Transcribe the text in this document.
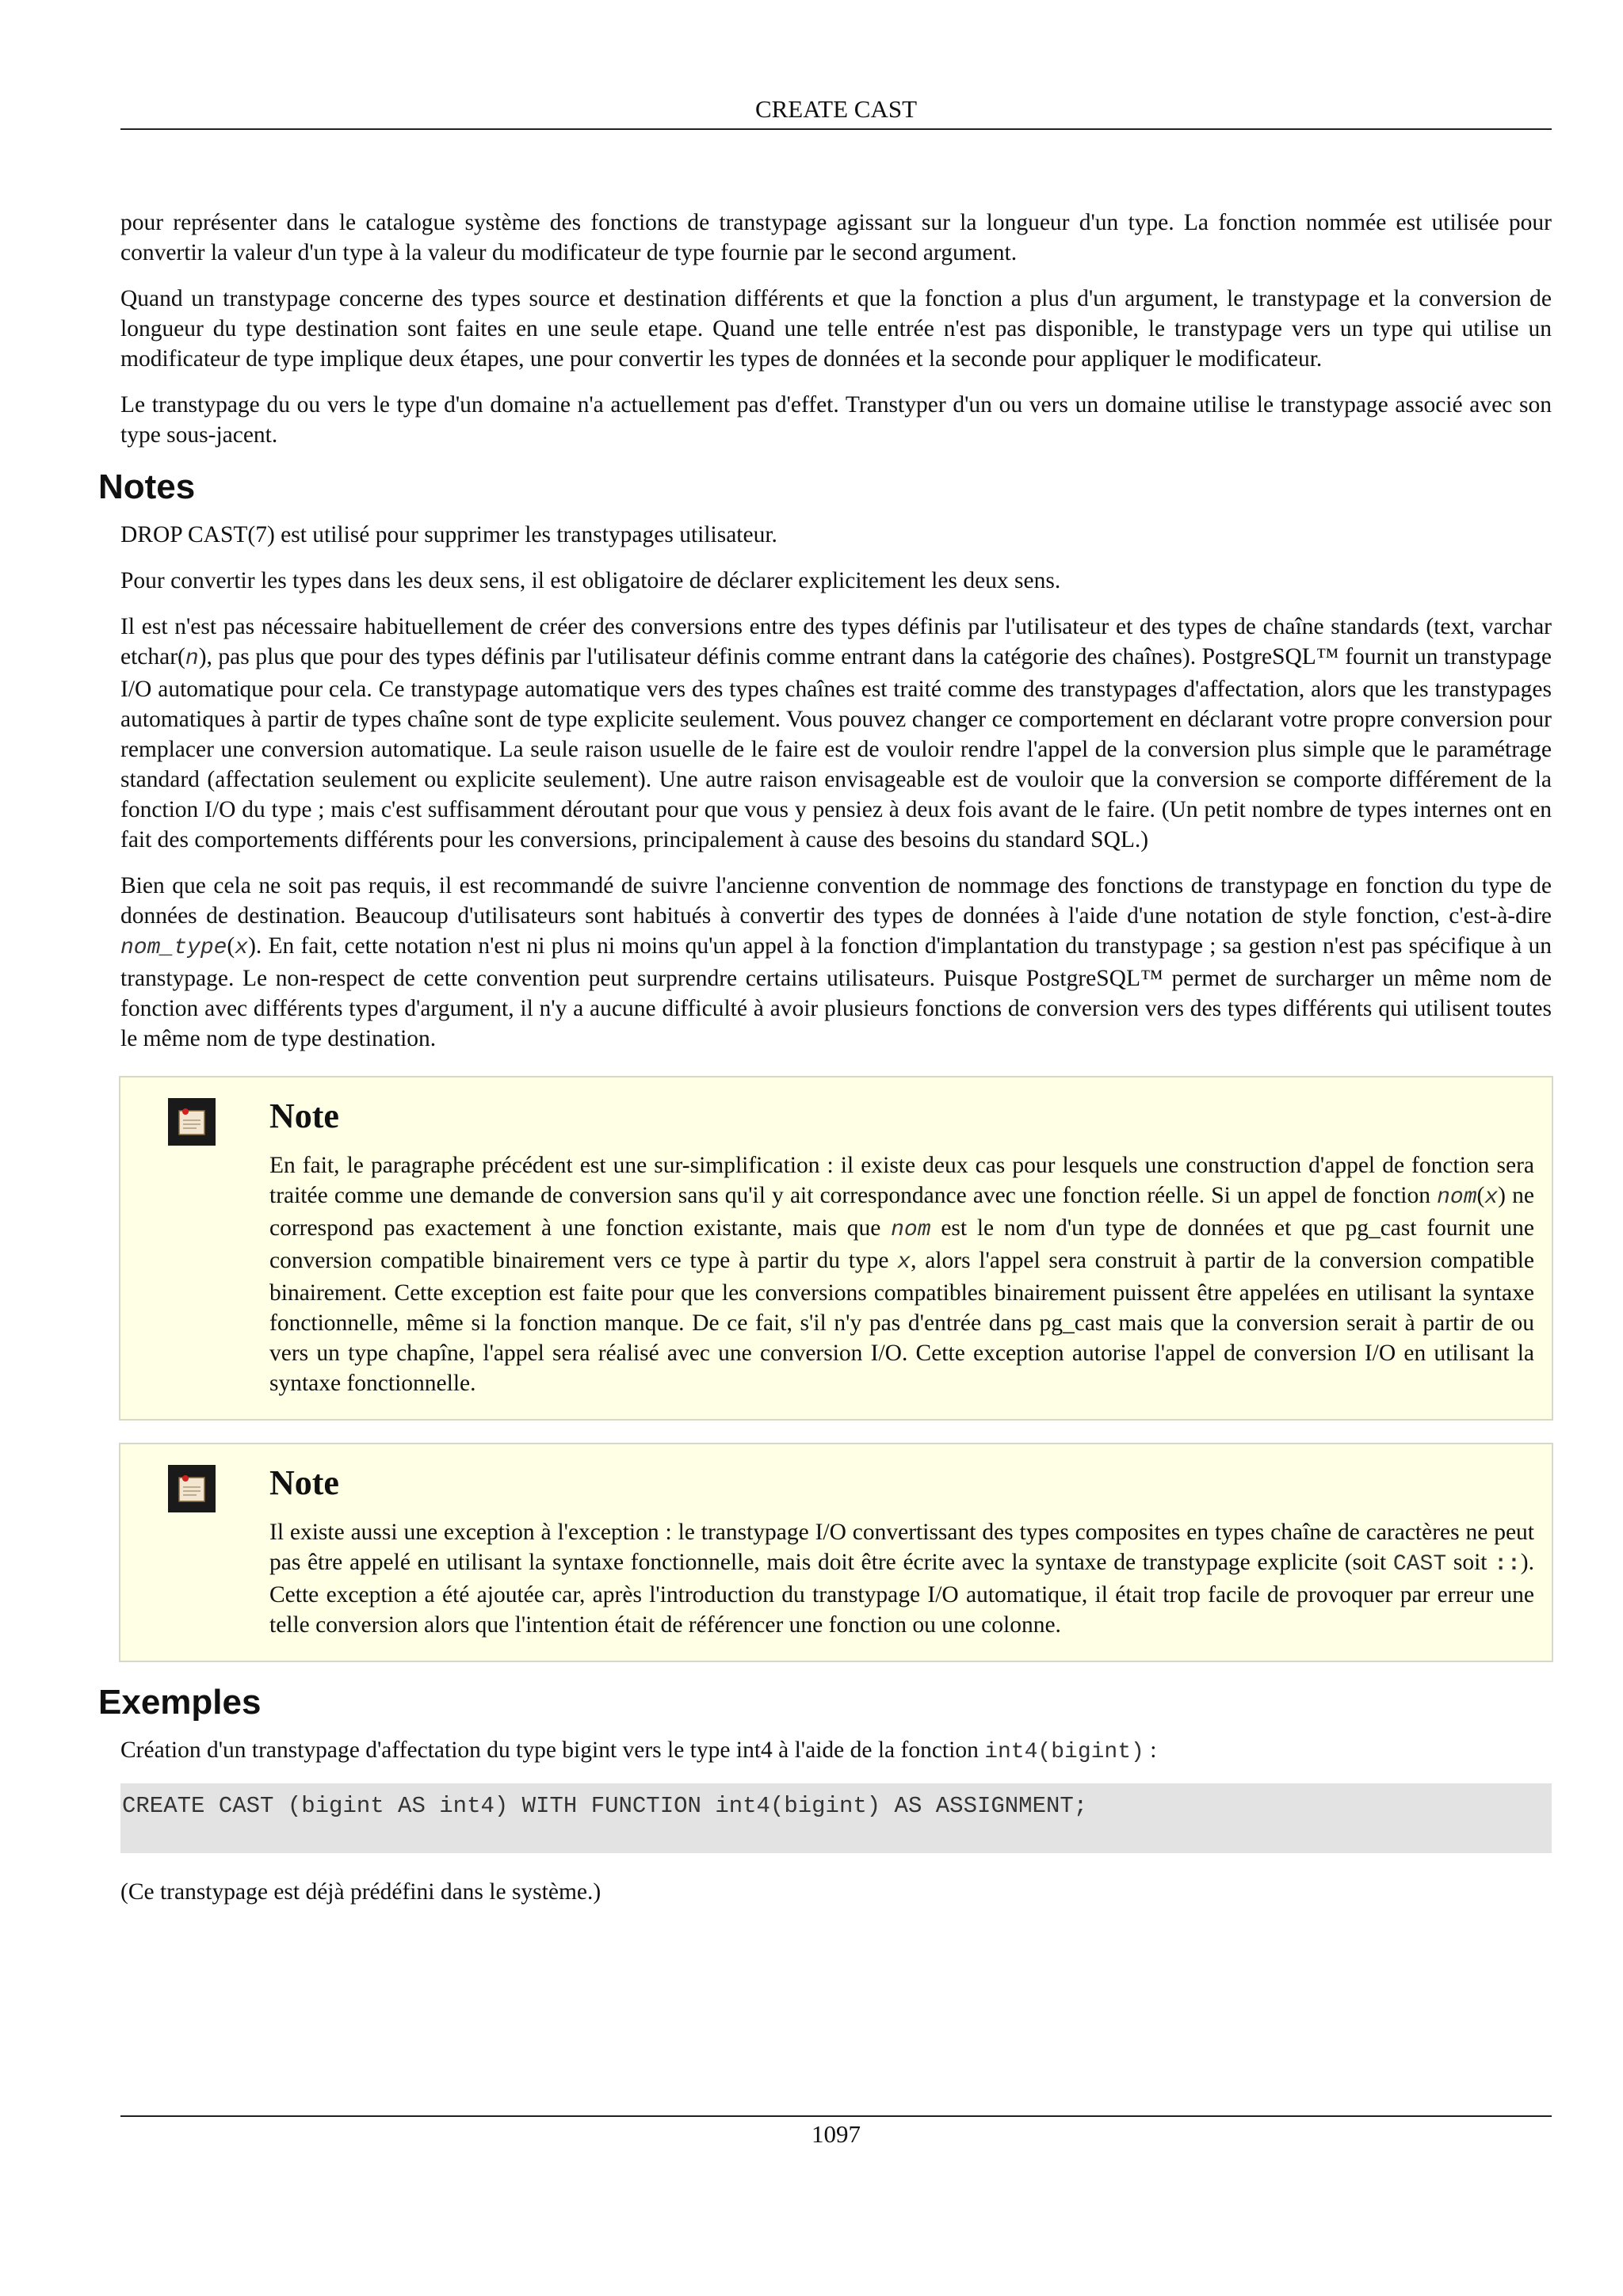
CREATE CAST

pour représenter dans le catalogue système des fonctions de transtypage agissant sur la longueur d'un type. La fonction nommée est utilisée pour convertir la valeur d'un type à la valeur du modificateur de type fournie par le second argument.

Quand un transtypage concerne des types source et destination différents et que la fonction a plus d'un argument, le transtypage et la conversion de longueur du type destination sont faites en une seule etape. Quand une telle entrée n'est pas disponible, le transtypage vers un type qui utilise un modificateur de type implique deux étapes, une pour convertir les types de données et la seconde pour appliquer le modificateur.

Le transtypage du ou vers le type d'un domaine n'a actuellement pas d'effet. Transtyper d'un ou vers un domaine utilise le transtypage associé avec son type sous-jacent.

Notes

DROP CAST(7) est utilisé pour supprimer les transtypages utilisateur.

Pour convertir les types dans les deux sens, il est obligatoire de déclarer explicitement les deux sens.

Il est n'est pas nécessaire habituellement de créer des conversions entre des types définis par l'utilisateur et des types de chaîne standards (text, varchar etchar(n), pas plus que pour des types définis par l'utilisateur définis comme entrant dans la catégorie des chaînes). PostgreSQL™ fournit un transtypage I/O automatique pour cela. Ce transtypage automatique vers des types chaînes est traité comme des transtypages d'affectation, alors que les transtypages automatiques à partir de types chaîne sont de type explicite seulement. Vous pouvez changer ce comportement en déclarant votre propre conversion pour remplacer une conversion automatique. La seule raison usuelle de le faire est de vouloir rendre l'appel de la conversion plus simple que le paramétrage standard (affectation seulement ou explicite seulement). Une autre raison envisageable est de vouloir que la conversion se comporte différement de la fonction I/O du type ; mais c'est suffisamment déroutant pour que vous y pensiez à deux fois avant de le faire. (Un petit nombre de types internes ont en fait des comportements différents pour les conversions, principalement à cause des besoins du standard SQL.)

Bien que cela ne soit pas requis, il est recommandé de suivre l'ancienne convention de nommage des fonctions de transtypage en fonction du type de données de destination. Beaucoup d'utilisateurs sont habitués à convertir des types de données à l'aide d'une notation de style fonction, c'est-à-dire nom_type(x). En fait, cette notation n'est ni plus ni moins qu'un appel à la fonction d'implantation du transtypage ; sa gestion n'est pas spécifique à un transtypage. Le non-respect de cette convention peut surprendre certains utilisateurs. Puisque PostgreSQL™ permet de surcharger un même nom de fonction avec différents types d'argument, il n'y a aucune difficulté à avoir plusieurs fonctions de conversion vers des types différents qui utilisent toutes le même nom de type destination.

Note

En fait, le paragraphe précédent est une sur-simplification : il existe deux cas pour lesquels une construction d'appel de fonction sera traitée comme une demande de conversion sans qu'il y ait correspondance avec une fonction réelle. Si un appel de fonction nom(x) ne correspond pas exactement à une fonction existante, mais que nom est le nom d'un type de données et que pg_cast fournit une conversion compatible binairement vers ce type à partir du type x, alors l'appel sera construit à partir de la conversion compatible binairement. Cette exception est faite pour que les conversions compatibles binairement puissent être appelées en utilisant la syntaxe fonctionnelle, même si la fonction manque. De ce fait, s'il n'y pas d'entrée dans pg_cast mais que la conversion serait à partir de ou vers un type chapîne, l'appel sera réalisé avec une conversion I/O. Cette exception autorise l'appel de conversion I/O en utilisant la syntaxe fonctionnelle.

Note

Il existe aussi une exception à l'exception : le transtypage I/O convertissant des types composites en types chaîne de caractères ne peut pas être appelé en utilisant la syntaxe fonctionnelle, mais doit être écrite avec la syntaxe de transtypage explicite (soit CAST soit ::). Cette exception a été ajoutée car, après l'introduction du transtypage I/O automatique, il était trop facile de provoquer par erreur une telle conversion alors que l'intention était de référencer une fonction ou une colonne.

Exemples

Création d'un transtypage d'affectation du type bigint vers le type int4 à l'aide de la fonction int4(bigint) :

CREATE CAST (bigint AS int4) WITH FUNCTION int4(bigint) AS ASSIGNMENT;

(Ce transtypage est déjà prédéfini dans le système.)

1097
